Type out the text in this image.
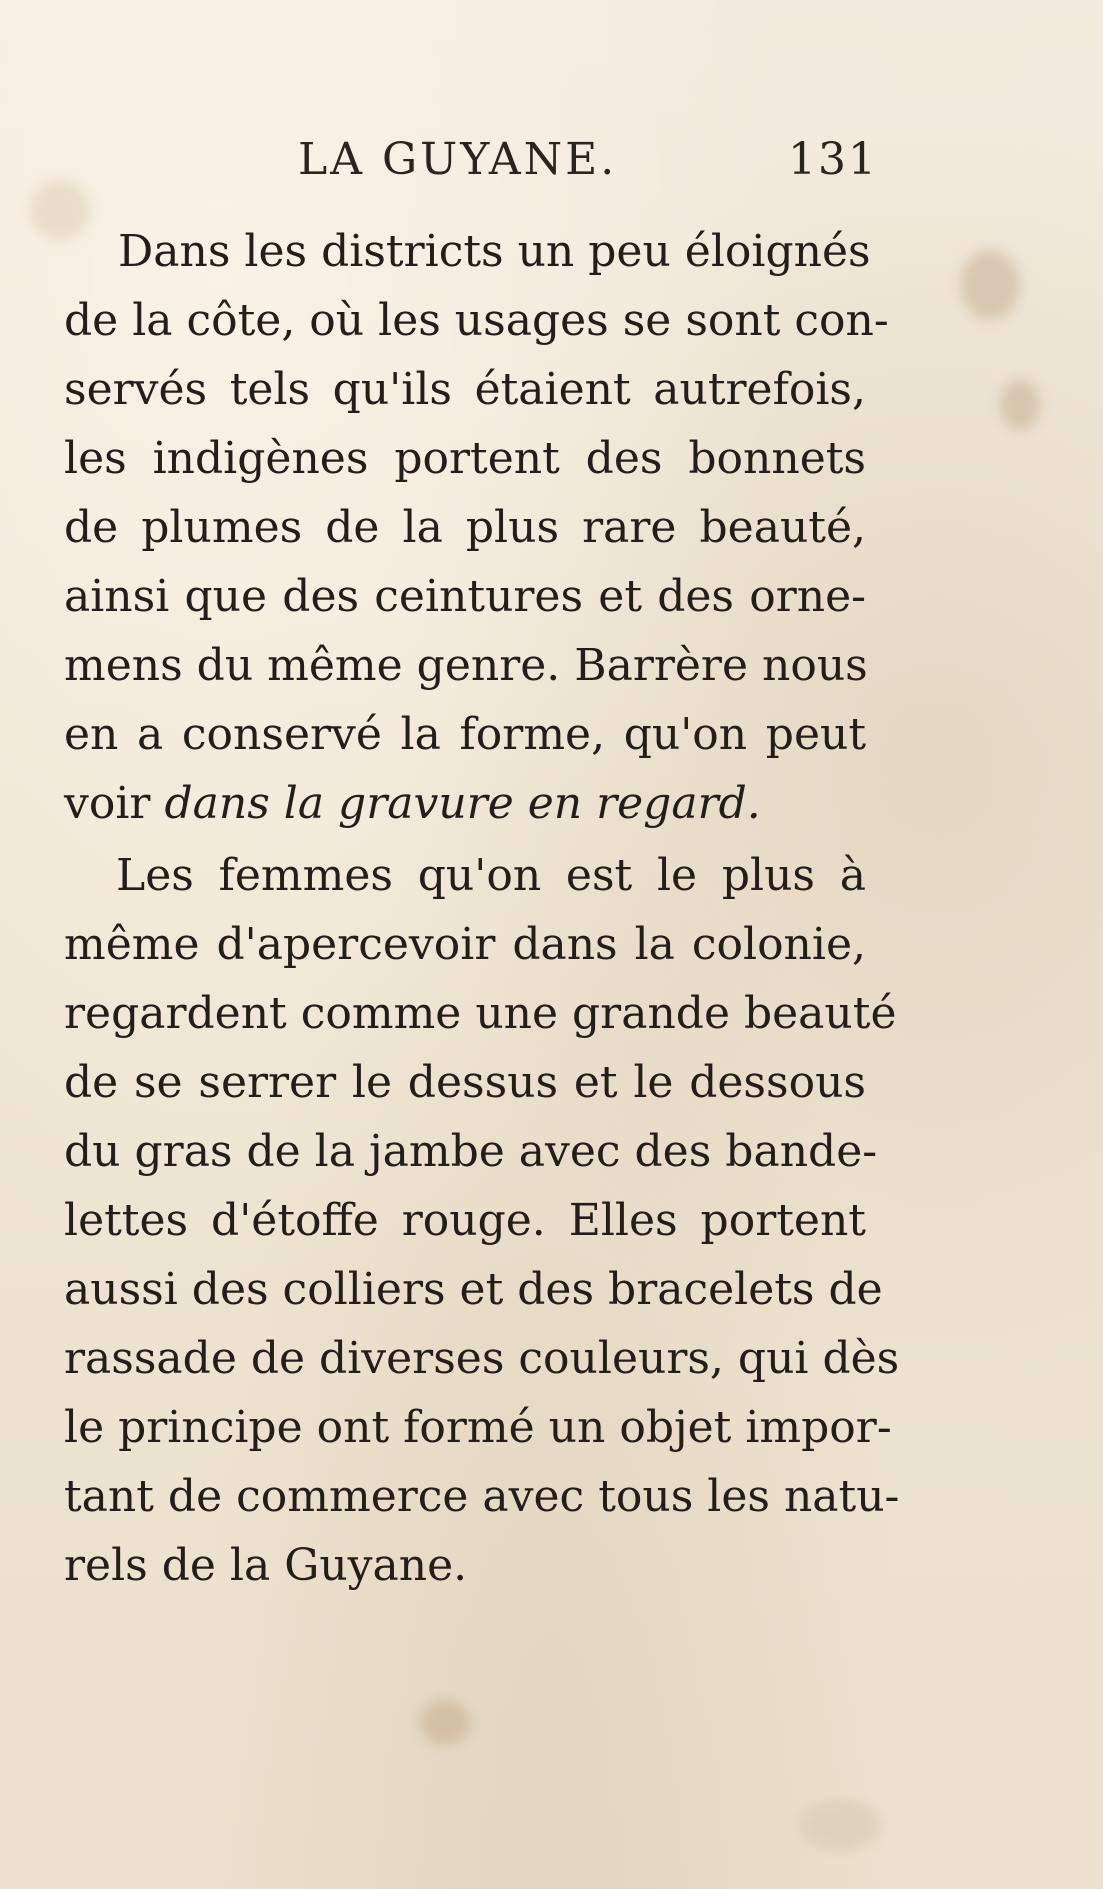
LA GUYANE.	131
Dans les districts un peu éloignés
de la côte, où les usages se sont con-
servés tels qu'ils étaient autrefois,
les indigènes portent des bonnets
de plumes de la plus rare beauté,
ainsi que des ceintures et des orne-
mens du même genre. Barrère nous
en a conservé la forme, qu'on peut
voir dans la gravure en regard.
Les femmes qu'on est le plus à
même d'apercevoir dans la colonie,
regardent comme une grande beauté
de se serrer le dessus et le dessous
du gras de la jambe avec des bande-
lettes d'étoffe rouge. Elles portent
aussi des colliers et des bracelets de
rassade de diverses couleurs, qui dès
le principe ont formé un objet impor-
tant de commerce avec tous les natu-
rels de la Guyane.
